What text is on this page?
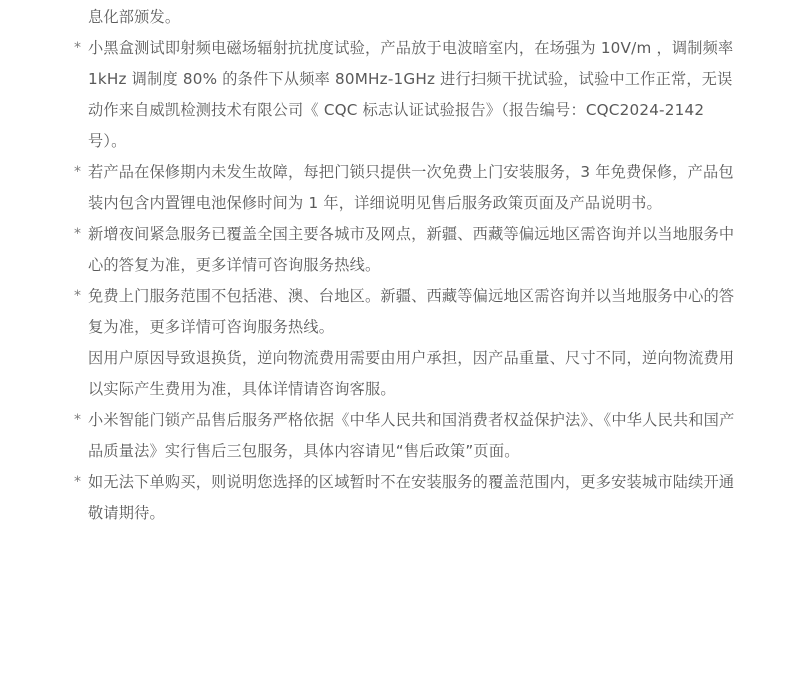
息化部颁发。
* 小黑盒测试即射频电磁场辐射抗扰度试验，产品放于电波暗室内，在场强为 10V/m ，调制频率 1kHz 调制度 80% 的条件下从频率 80MHz-1GHz 进行扫频干扰试验，试验中工作正常，无误动作来自威凯检测技术有限公司《 CQC 标志认证试验报告》（报告编号：CQC2024-2142 号）。
* 若产品在保修期内未发生故障，每把门锁只提供一次免费上门安装服务，3 年免费保修，产品包装内包含内置锂电池保修时间为 1 年，详细说明见售后服务政策页面及产品说明书。
* 新增夜间紧急服务已覆盖全国主要各城市及网点，新疆、西藏等偏远地区需咨询并以当地服务中心的答复为准，更多详情可咨询服务热线。
* 免费上门服务范围不包括港、澳、台地区。新疆、西藏等偏远地区需咨询并以当地服务中心的答复为准，更多详情可咨询服务热线。
因用户原因导致退换货，逆向物流费用需要由用户承担，因产品重量、尺寸不同，逆向物流费用以实际产生费用为准，具体详情请咨询客服。
* 小米智能门锁产品售后服务严格依据《中华人民共和国消费者权益保护法》、《中华人民共和国产品质量法》实行售后三包服务，具体内容请见“售后政策”页面。
* 如无法下单购买，则说明您选择的区域暂时不在安装服务的覆盖范围内，更多安装城市陆续开通敬请期待。
